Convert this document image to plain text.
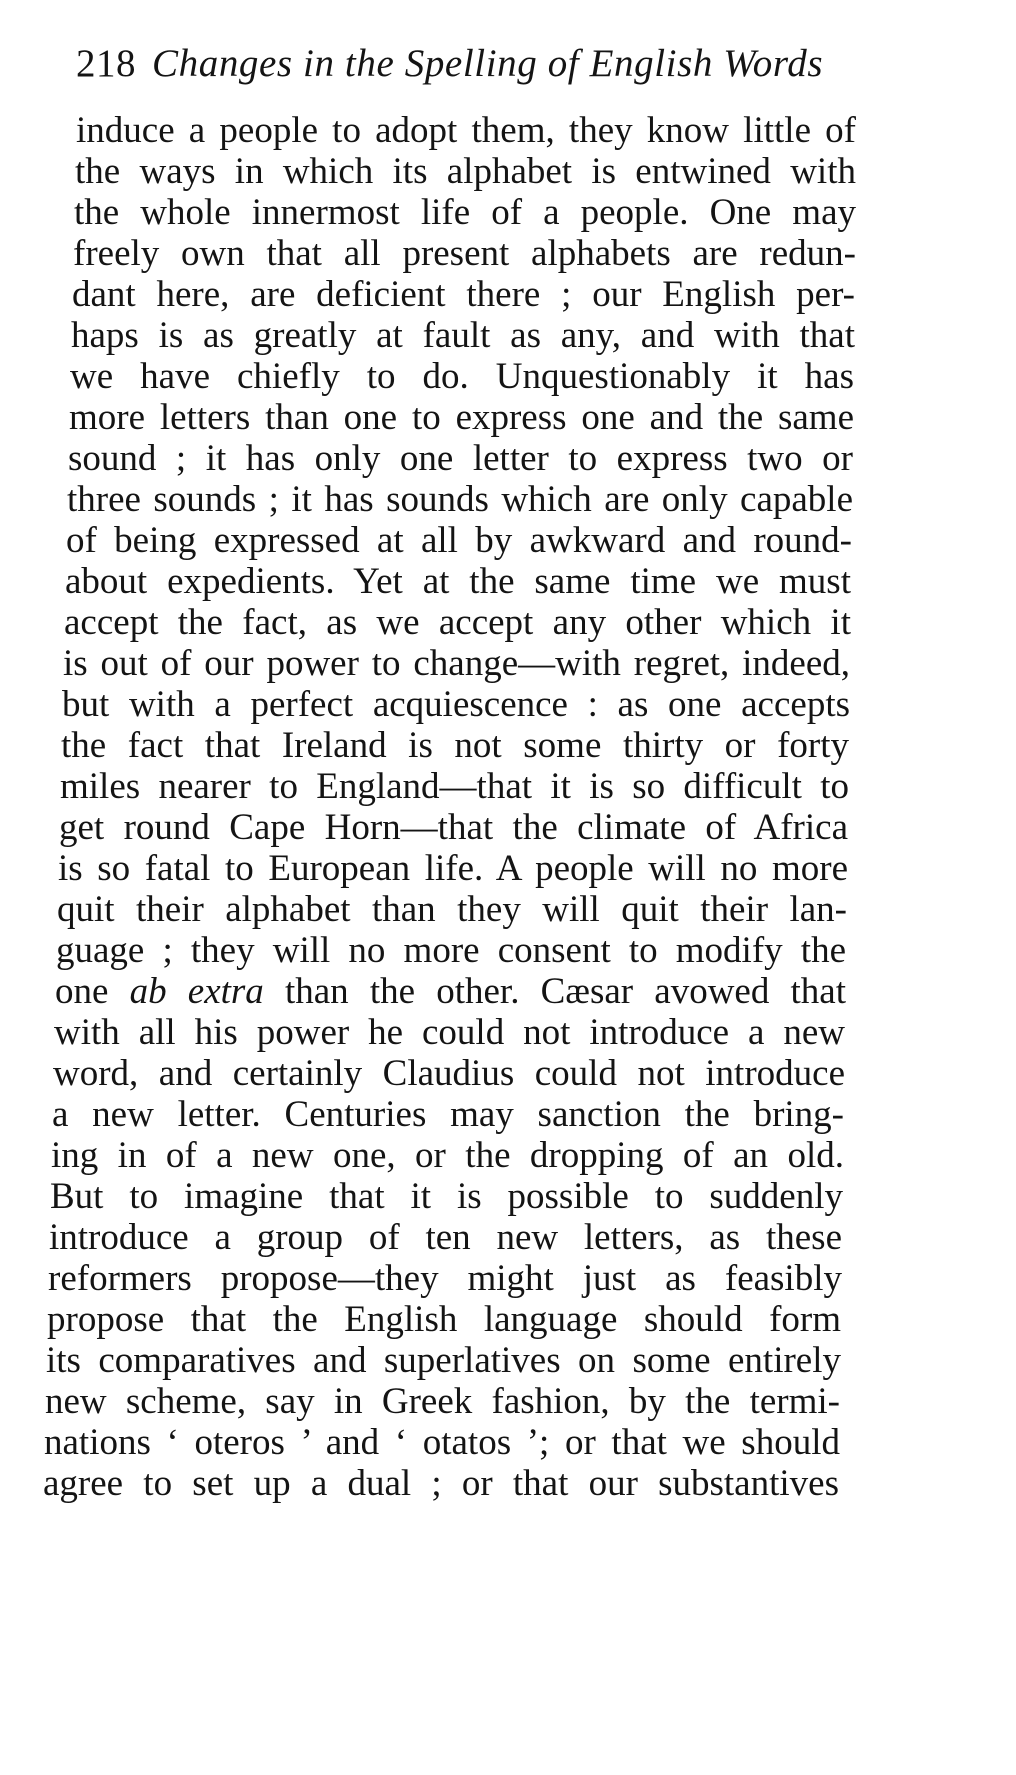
218 Changes in the Spelling of English Words
induce a people to adopt them, they know little of
the ways in which its alphabet is entwined with
the whole innermost life of a people. One may
freely own that all present alphabets are redun-
dant here, are deficient there ; our English per-
haps is as greatly at fault as any, and with that
we have chiefly to do. Unquestionably it has
more letters than one to express one and the same
sound ; it has only one letter to express two or
three sounds ; it has sounds which are only capable
of being expressed at all by awkward and round-
about expedients. Yet at the same time we must
accept the fact, as we accept any other which it
is out of our power to change—with regret, indeed,
but with a perfect acquiescence : as one accepts
the fact that Ireland is not some thirty or forty
miles nearer to England—that it is so difficult to
get round Cape Horn—that the climate of Africa
is so fatal to European life. A people will no more
quit their alphabet than they will quit their lan-
guage ; they will no more consent to modify the
one ab extra than the other. Cæsar avowed that
with all his power he could not introduce a new
word, and certainly Claudius could not introduce
a new letter. Centuries may sanction the bring-
ing in of a new one, or the dropping of an old.
But to imagine that it is possible to suddenly
introduce a group of ten new letters, as these
reformers propose—they might just as feasibly
propose that the English language should form
its comparatives and superlatives on some entirely
new scheme, say in Greek fashion, by the termi-
nations ‘ oteros ’ and ‘ otatos ’; or that we should
agree to set up a dual ; or that our substantives
